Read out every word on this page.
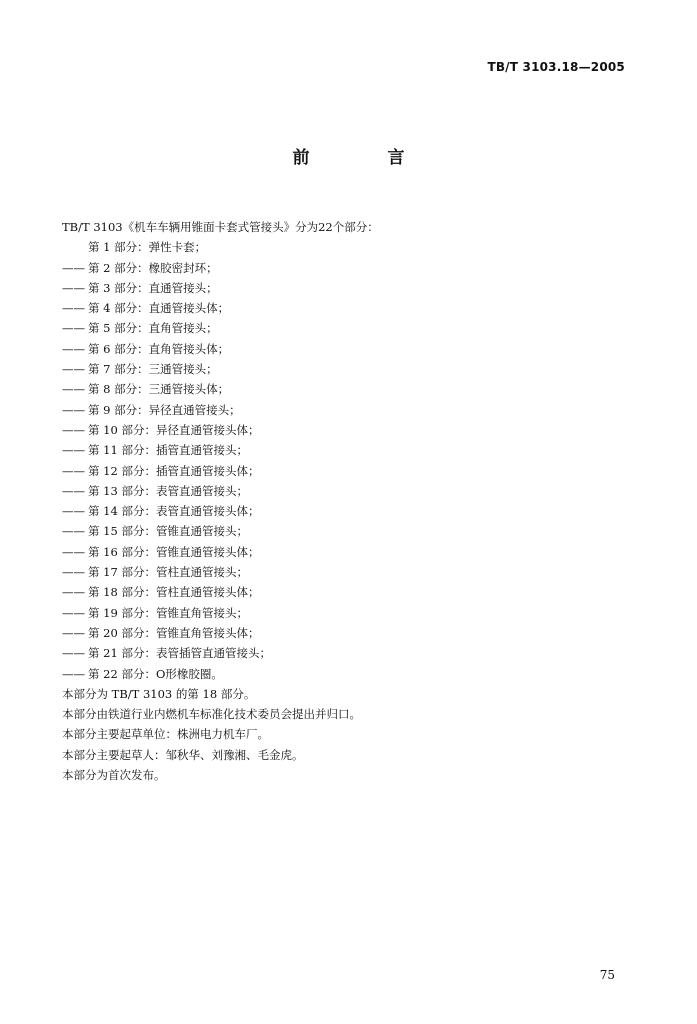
TB/T 3103.18—2005
前 言
TB/T 3103《机车车辆用锥面卡套式管接头》分为22个部分：
第 1 部分：弹性卡套；
—— 第 2 部分：橡胶密封环；
—— 第 3 部分：直通管接头；
—— 第 4 部分：直通管接头体；
—— 第 5 部分：直角管接头；
—— 第 6 部分：直角管接头体；
—— 第 7 部分：三通管接头；
—— 第 8 部分：三通管接头体；
—— 第 9 部分：异径直通管接头；
—— 第 10 部分：异径直通管接头体；
—— 第 11 部分：插管直通管接头；
—— 第 12 部分：插管直通管接头体；
—— 第 13 部分：表管直通管接头；
—— 第 14 部分：表管直通管接头体；
—— 第 15 部分：管锥直通管接头；
—— 第 16 部分：管锥直通管接头体；
—— 第 17 部分：管柱直通管接头；
—— 第 18 部分：管柱直通管接头体；
—— 第 19 部分：管锥直角管接头；
—— 第 20 部分：管锥直角管接头体；
—— 第 21 部分：表管插管直通管接头；
—— 第 22 部分：O形橡胶圈。
本部分为 TB/T 3103 的第 18 部分。
本部分由铁道行业内燃机车标准化技术委员会提出并归口。
本部分主要起草单位：株洲电力机车厂。
本部分主要起草人：邹秋华、刘豫湘、毛金虎。
本部分为首次发布。
75
